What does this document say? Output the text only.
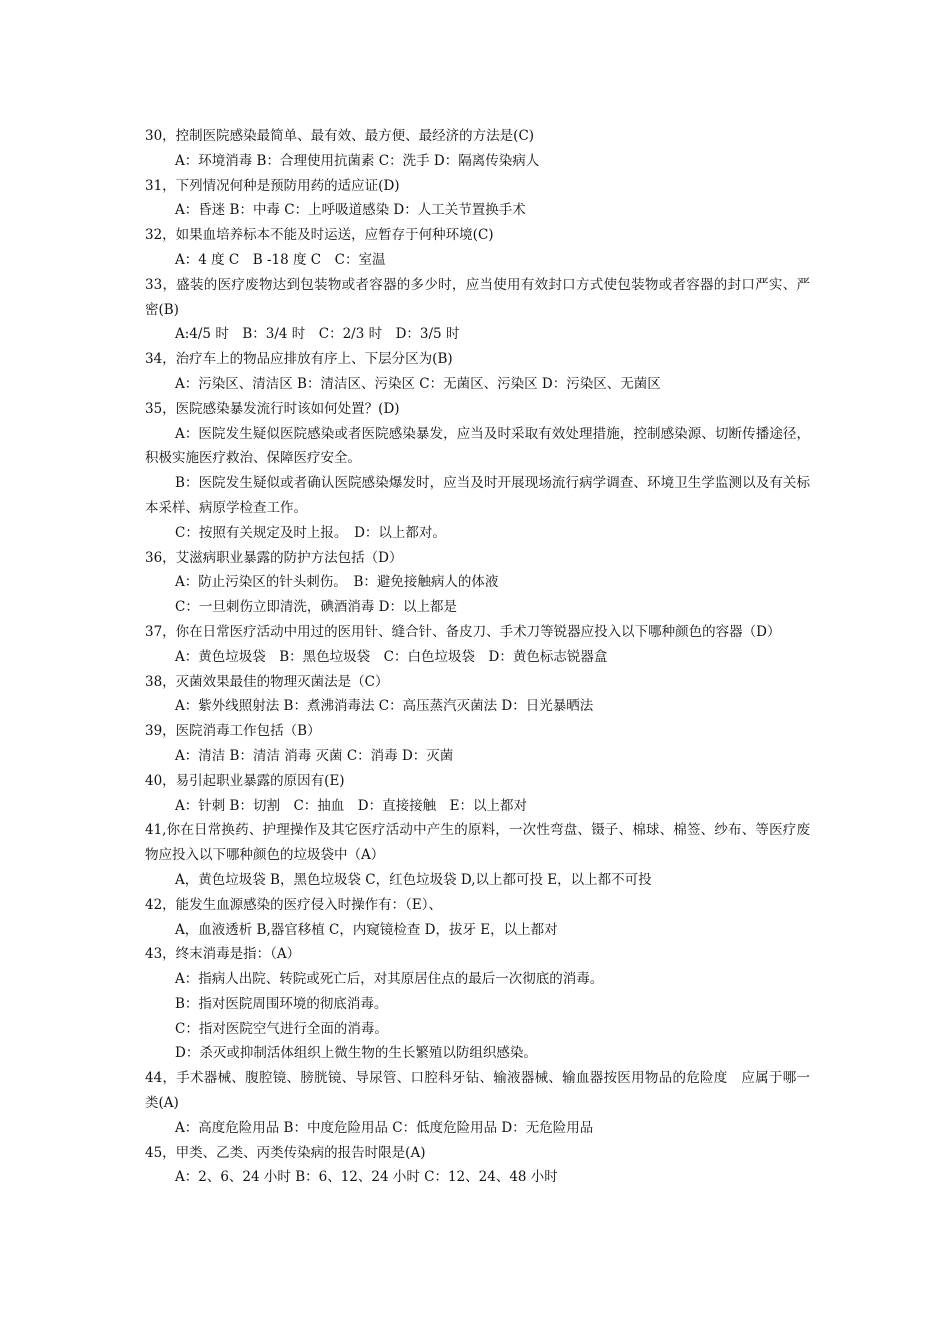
30，控制医院感染最简单、最有效、最方便、最经济的方法是(C)

A：环境消毒 B：合理使用抗菌素 C：洗手 D：隔离传染病人

31，下列情况何种是预防用药的适应证(D)

A：昏迷 B：中毒 C：上呼吸道感染 D：人工关节置换手术

32，如果血培养标本不能及时运送，应暂存于何种环境(C)

A：4 度 C　B -18 度 C　C：室温

33，盛装的医疗废物达到包装物或者容器的多少时，应当使用有效封口方式使包装物或者容器的封口严实、严密(B)

A:4/5 时　B：3/4 时　C：2/3 时　D：3/5 时

34，治疗车上的物品应排放有序上、下层分区为(B)

A：污染区、清洁区 B：清洁区、污染区 C：无菌区、污染区 D：污染区、无菌区

35，医院感染暴发流行时该如何处置？(D)

A：医院发生疑似医院感染或者医院感染暴发，应当及时采取有效处理措施，控制感染源、切断传播途径，积极实施医疗救治、保障医疗安全。

B：医院发生疑似或者确认医院感染爆发时，应当及时开展现场流行病学调查、环境卫生学监测以及有关标本采样、病原学检查工作。

C：按照有关规定及时上报。　D：以上都对。

36，艾滋病职业暴露的防护方法包括（D）

A：防止污染区的针头刺伤。　B：避免接触病人的体液

C：一旦刺伤立即清洗，碘酒消毒 D：以上都是

37，你在日常医疗活动中用过的医用针、缝合针、备皮刀、手术刀等锐器应投入以下哪种颜色的容器（D）

A：黄色垃圾袋　B：黑色垃圾袋　C：白色垃圾袋　D：黄色标志锐器盒

38，灭菌效果最佳的物理灭菌法是（C）

A：紫外线照射法 B：煮沸消毒法 C：高压蒸汽灭菌法 D：日光暴晒法

39，医院消毒工作包括（B）

A：清洁 B：清洁 消毒 灭菌 C：消毒 D：灭菌

40，易引起职业暴露的原因有(E)

A：针刺 B：切割　C：抽血　D：直接接触　E：以上都对

41,你在日常换药、护理操作及其它医疗活动中产生的原料，一次性弯盘、镊子、棉球、棉签、纱布、等医疗废物应投入以下哪种颜色的垃圾袋中（A）

A，黄色垃圾袋 B，黑色垃圾袋 C，红色垃圾袋 D,以上都可投 E，以上都不可投

42，能发生血源感染的医疗侵入时操作有：（E）、

A，血液透析 B,器官移植 C，内窥镜检查 D，拔牙 E，以上都对

43，终末消毒是指：（A）

A：指病人出院、转院或死亡后，对其原居住点的最后一次彻底的消毒。

B：指对医院周围环境的彻底消毒。

C：指对医院空气进行全面的消毒。

D：杀灭或抑制活体组织上微生物的生长繁殖以防组织感染。

44，手术器械、腹腔镜、膀胱镜、导尿管、口腔科牙钻、输液器械、输血器按医用物品的危险度　应属于哪一类(A)

A：高度危险用品 B：中度危险用品 C：低度危险用品 D：无危险用品

45，甲类、乙类、丙类传染病的报告时限是(A)

A：2、6、24 小时 B：6、12、24 小时 C：12、24、48 小时
